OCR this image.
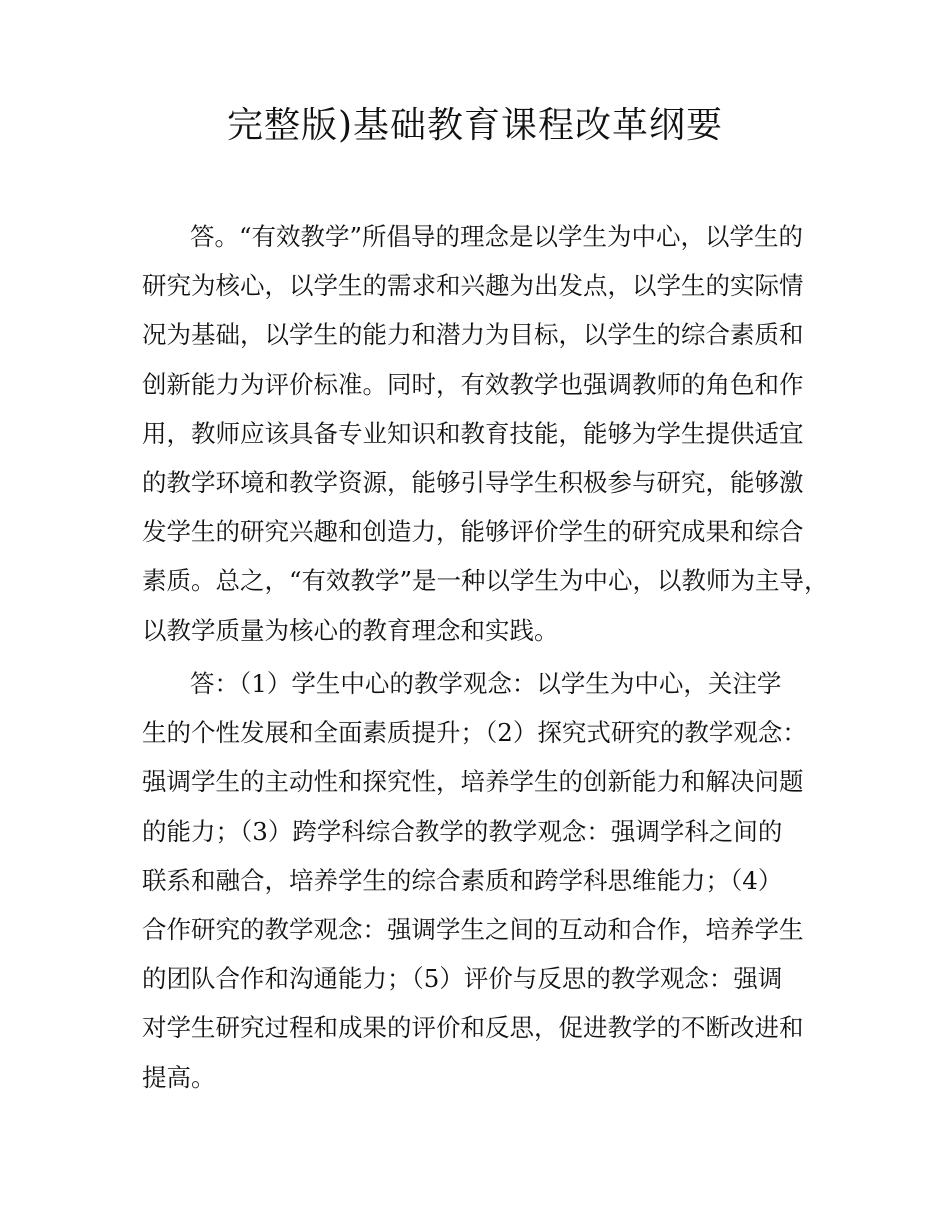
完整版)基础教育课程改革纲要
答。“有效教学”所倡导的理念是以学生为中心，以学生的
研究为核心，以学生的需求和兴趣为出发点，以学生的实际情
况为基础，以学生的能力和潜力为目标，以学生的综合素质和
创新能力为评价标准。同时，有效教学也强调教师的角色和作
用，教师应该具备专业知识和教育技能，能够为学生提供适宜
的教学环境和教学资源，能够引导学生积极参与研究，能够激
发学生的研究兴趣和创造力，能够评价学生的研究成果和综合
素质。总之，“有效教学”是一种以学生为中心，以教师为主导，
以教学质量为核心的教育理念和实践。
答：（1）学生中心的教学观念：以学生为中心，关注学
生的个性发展和全面素质提升；（2）探究式研究的教学观念：
强调学生的主动性和探究性，培养学生的创新能力和解决问题
的能力；（3）跨学科综合教学的教学观念：强调学科之间的
联系和融合，培养学生的综合素质和跨学科思维能力；（4）
合作研究的教学观念：强调学生之间的互动和合作，培养学生
的团队合作和沟通能力；（5）评价与反思的教学观念：强调
对学生研究过程和成果的评价和反思，促进教学的不断改进和
提高。
